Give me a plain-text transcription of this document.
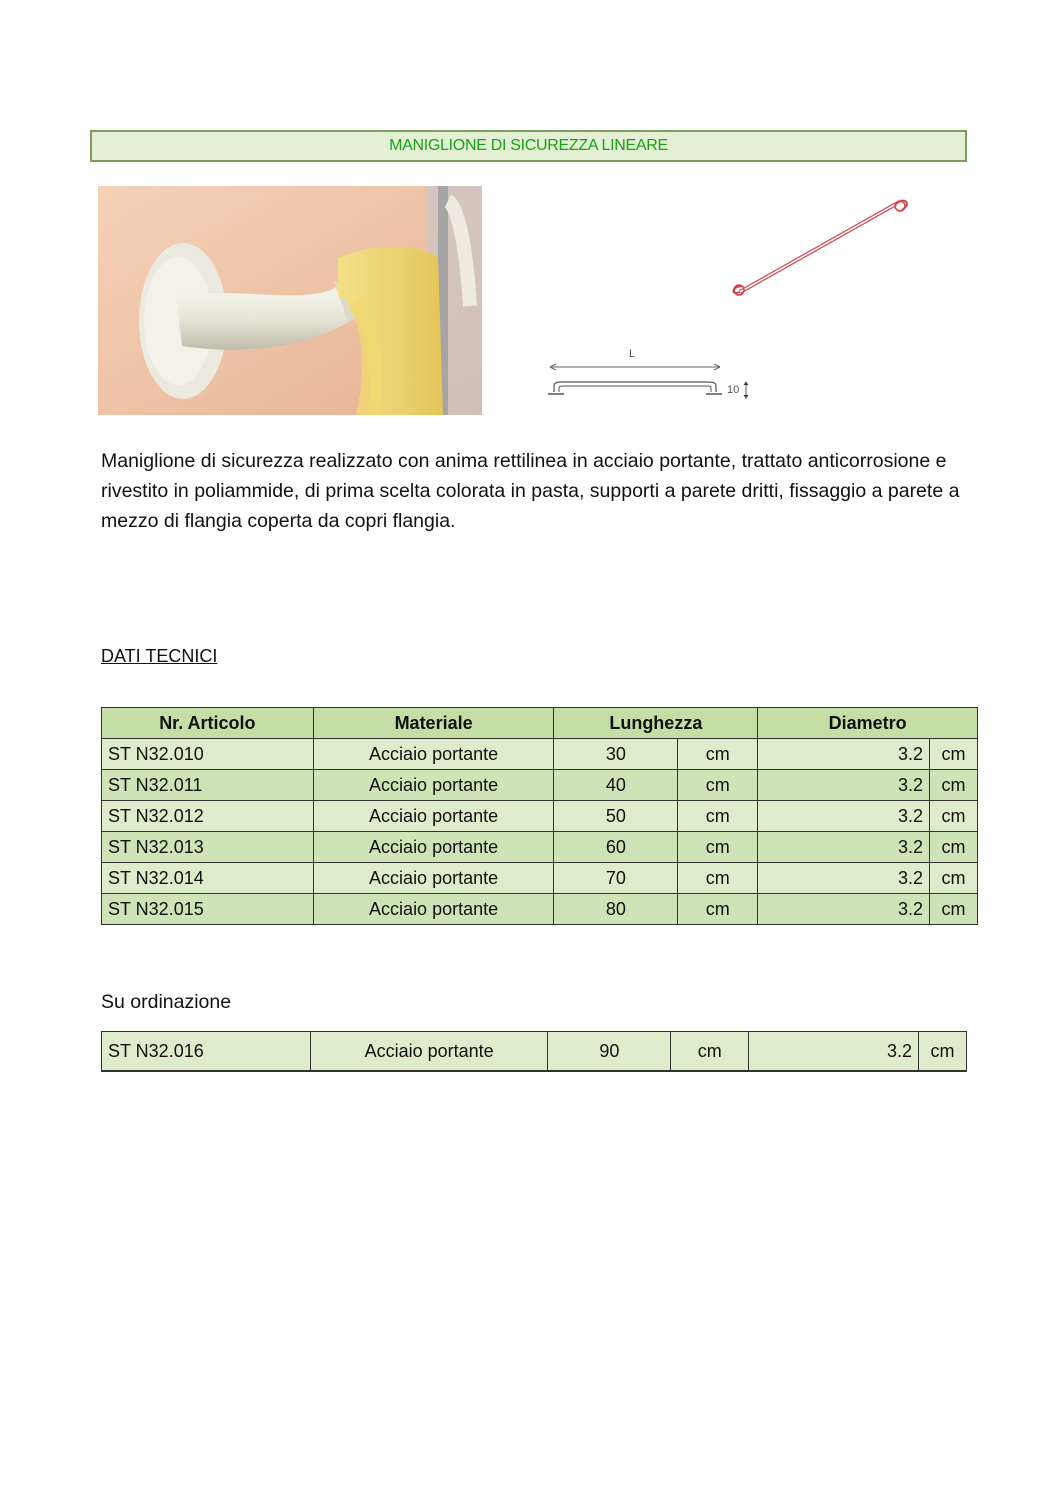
MANIGLIONE DI SICUREZZA LINEARE
L
10
Maniglione di sicurezza realizzato con anima rettilinea in acciaio portante, trattato anticorrosione e rivestito in poliammide, di prima scelta colorata in pasta, supporti a parete dritti, fissaggio a parete a mezzo di flangia coperta da copri flangia.
DATI TECNICI
Nr. Articolo	Materiale	Lunghezza		Diametro	
ST N32.010	Acciaio portante	30	cm	3.2	cm
ST N32.011	Acciaio portante	40	cm	3.2	cm
ST N32.012	Acciaio portante	50	cm	3.2	cm
ST N32.013	Acciaio portante	60	cm	3.2	cm
ST N32.014	Acciaio portante	70	cm	3.2	cm
ST N32.015	Acciaio portante	80	cm	3.2	cm
Su ordinazione
ST N32.016	Acciaio portante	90	cm	3.2	cm
